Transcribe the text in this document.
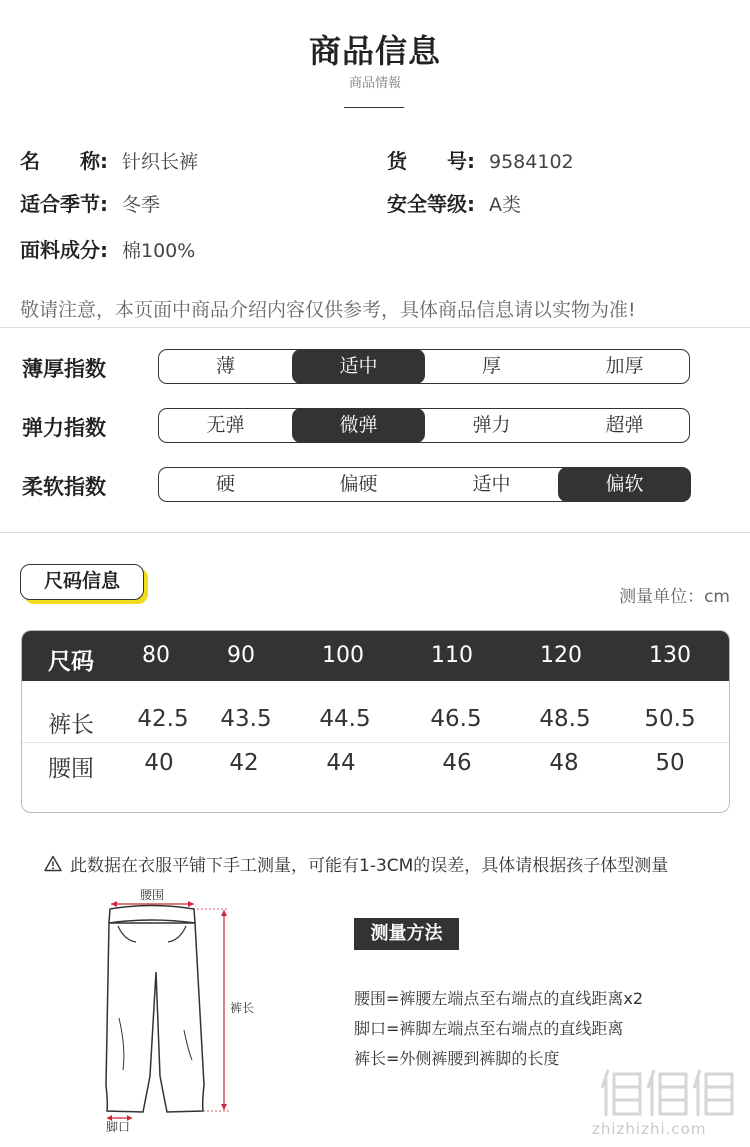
商品信息
商品情報
名　　称: 针织长裤	货　　号: 9584102
适合季节: 冬季	安全等级: A类
面料成分: 棉100%
敬请注意，本页面中商品介绍内容仅供参考，具体商品信息请以实物为准!
薄厚指数	薄	适中	厚	加厚
弹力指数	无弹	微弹	弹力	超弹
柔软指数	硬	偏硬	适中	偏软
尺码信息
测量单位：cm
尺码	80	90	100	110	120	130
裤长	42.5	43.5	44.5	46.5	48.5	50.5
腰围	40	42	44	46	48	50
此数据在衣服平铺下手工测量，可能有1-3CM的误差，具体请根据孩子体型测量
腰围
裤长
脚口
测量方法
腰围=裤腰左端点至右端点的直线距离x2
脚口=裤脚左端点至右端点的直线距离
裤长=外侧裤腰到裤脚的长度
zhizhizhi.com
